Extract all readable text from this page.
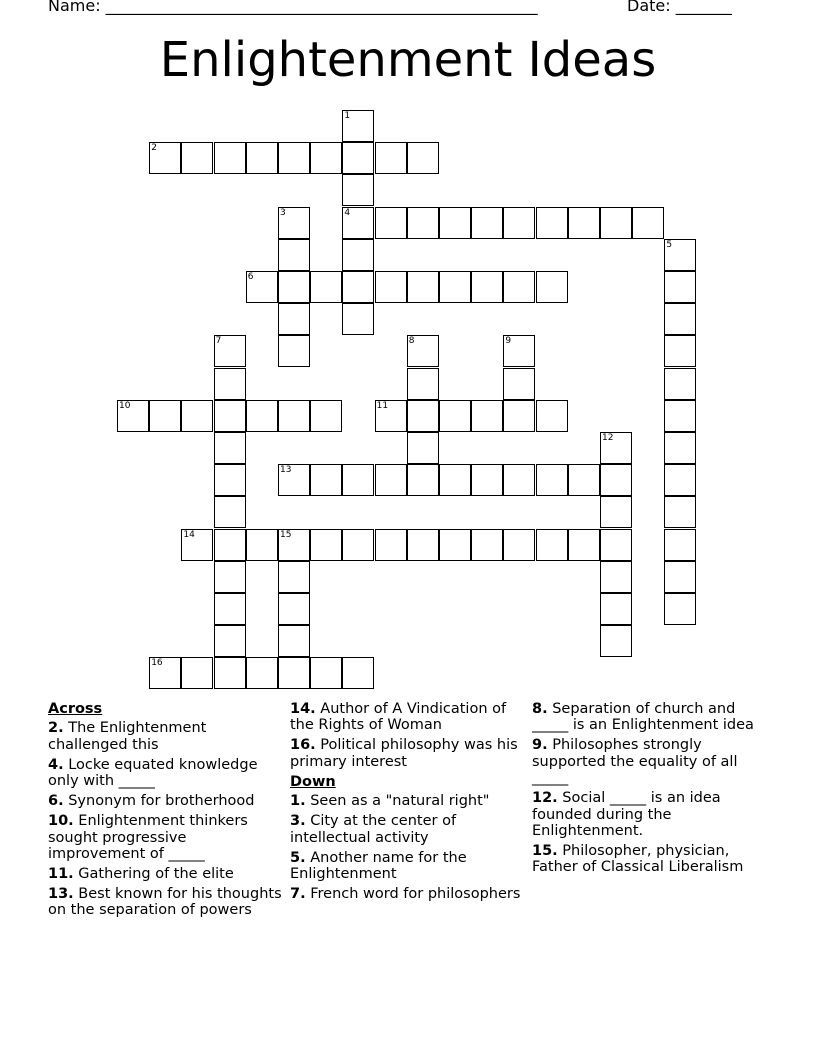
Name: ______________________________________________________	Date: _______
Enlightenment Ideas
1
4
2
3
5
6
7	8	9
10	11
12
13
14	15
16
Across
2. The Enlightenment challenged this
4. Locke equated knowledge only with _____
6. Synonym for brotherhood
10. Enlightenment thinkers sought progressive improvement of _____
11. Gathering of the elite
13. Best known for his thoughts on the separation of powers
14. Author of A Vindication of the Rights of Woman
16. Political philosophy was his primary interest
Down
1. Seen as a "natural right"
3. City at the center of intellectual activity
5. Another name for the Enlightenment
7. French word for philosophers
8. Separation of church and _____ is an Enlightenment idea
9. Philosophes strongly supported the equality of all _____
12. Social _____ is an idea founded during the Enlightenment.
15. Philosopher, physician, Father of Classical Liberalism
